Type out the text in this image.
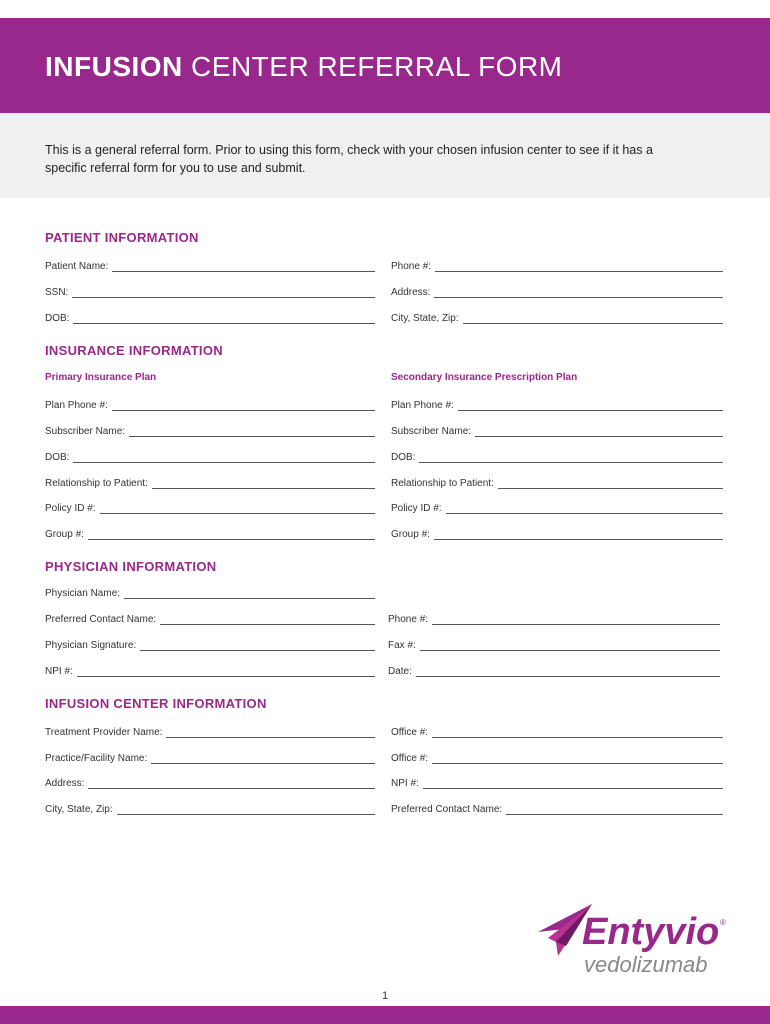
INFUSION CENTER REFERRAL FORM

This is a general referral form. Prior to using this form, check with your chosen infusion center to see if it has a specific referral form for you to use and submit.

PATIENT INFORMATION
Patient Name:
SSN:
DOB:
Phone #:
Address:
City, State, Zip:
INSURANCE INFORMATION
Primary Insurance Plan	Secondary Insurance Prescription Plan
Plan Phone #:
Subscriber Name:
DOB:
Relationship to Patient:
Policy ID #:
Group #:
Plan Phone #:
Subscriber Name:
DOB:
Relationship to Patient:
Policy ID #:
Group #:
PHYSICIAN INFORMATION
Physician Name:
Preferred Contact Name:
Physician Signature:
NPI #:
Phone #:
Fax #:
Date:
INFUSION CENTER INFORMATION
Treatment Provider Name:
Practice/Facility Name:
Address:
City, State, Zip:
Office #:
Office #:
NPI #:
Preferred Contact Name:
Entyvio ®
vedolizumab
1
